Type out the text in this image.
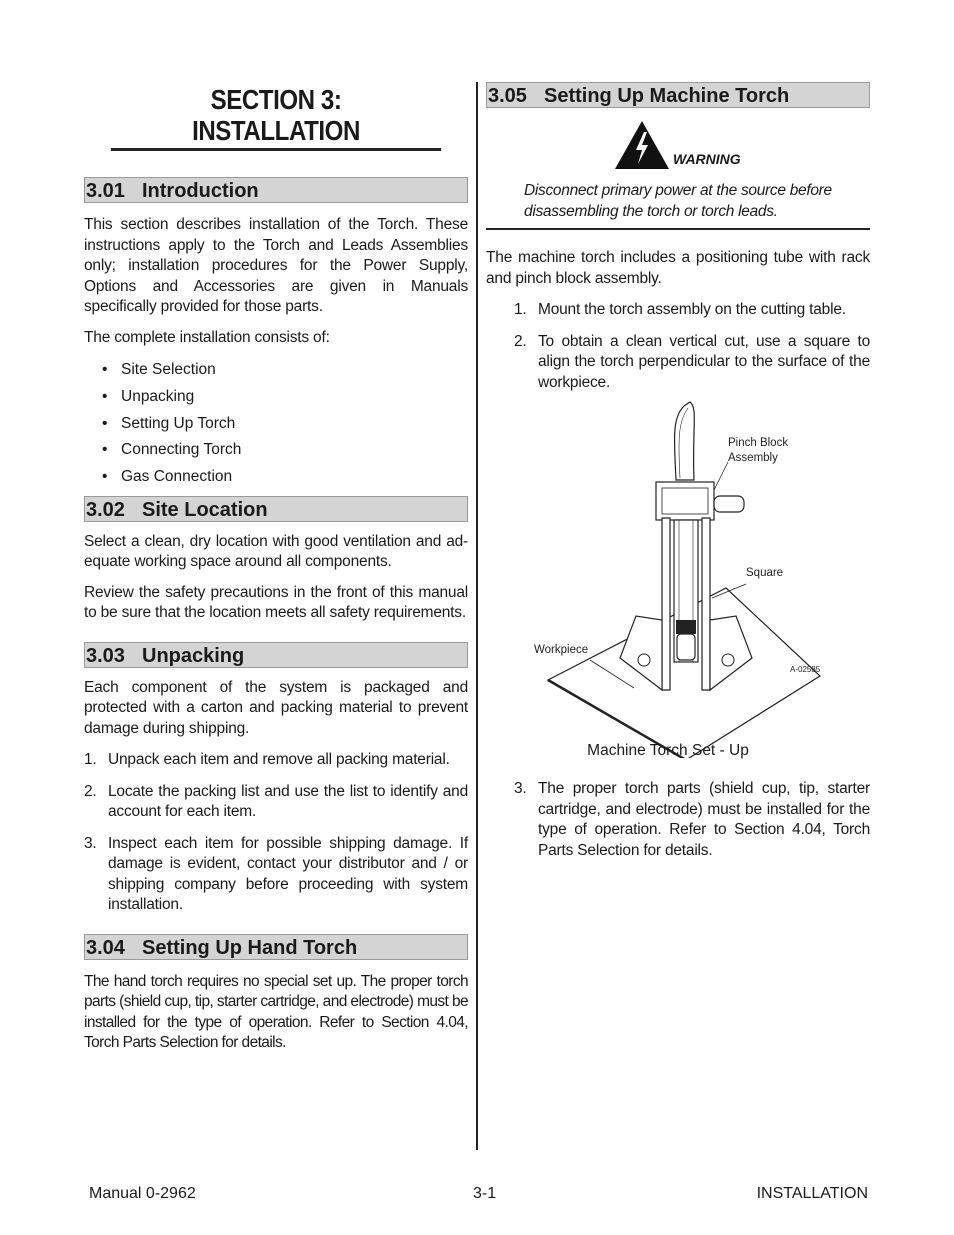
SECTION 3:
INSTALLATION
3.01 Introduction

This section describes installation of the Torch. These instructions apply to the Torch and Leads Assemblies only; installation procedures for the Power Supply, Options and Accessories are given in Manuals specifically provided for those parts.

The complete installation consists of:

• Site Selection
• Unpacking
• Setting Up Torch
• Connecting Torch
• Gas Connection
3.02 Site Location

Select a clean, dry location with good ventilation and ad-equate working space around all components.

Review the safety precautions in the front of this manual to be sure that the location meets all safety requirements.

3.03 Unpacking

Each component of the system is packaged and protected with a carton and packing material to prevent damage during shipping.

1. Unpack each item and remove all packing material.
2. Locate the packing list and use the list to identify and account for each item.
3. Inspect each item for possible shipping damage. If damage is evident, contact your distributor and / or shipping company before proceeding with system installation.
3.04 Setting Up Hand Torch

The hand torch requires no special set up. The proper torch parts (shield cup, tip, starter cartridge, and electrode) must be installed for the type of operation. Refer to Section 4.04, Torch Parts Selection for details.

3.05 Setting Up Machine Torch
WARNING
Disconnect primary power at the source before disassembling the torch or torch leads.

The machine torch includes a positioning tube with rack and pinch block assembly.

1. Mount the torch assembly on the cutting table.
2. To obtain a clean vertical cut, use a square to align the torch perpendicular to the surface of the workpiece.
Pinch Block
Assembly
Square
Workpiece
A-02585
Machine Torch Set - Up
3. The proper torch parts (shield cup, tip, starter cartridge, and electrode) must be installed for the type of operation. Refer to Section 4.04, Torch Parts Selection for details.
Manual 0-2962	3-1	INSTALLATION
